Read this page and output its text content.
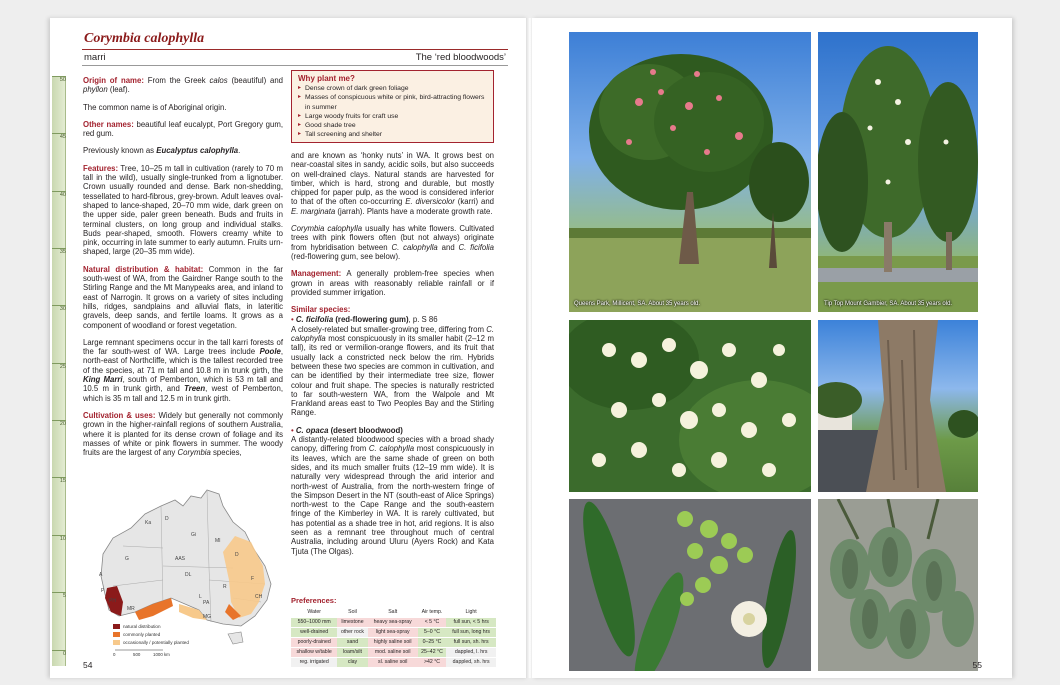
Corymbia calophylla
marri	The ‘red bloodwoods’
50
45
40
35
30
25
20
15
10
5
0

Origin of name: From the Greek calos (beautiful) and phyllon (leaf).

The common name is of Aboriginal origin.

Other names: beautiful leaf eucalypt, Port Gregory gum, red gum.

Previously known as Eucalyptus calophylla.

Features: Tree, 10–25 m tall in cultivation (rarely to 70 m tall in the wild), usually single-trunked from a lignotuber. Crown usually rounded and dense. Bark non-shedding, tessellated to hard-fibrous, grey-brown. Adult leaves oval-shaped to lance-shaped, 20–70 mm wide, dark green on the upper side, paler green beneath. Buds and fruits in terminal clusters, on long group and individual stalks. Buds pear-shaped, smooth. Flowers creamy white to pink, occurring in late summer to early autumn. Fruits urn-shaped, large (20–35 mm wide).

Natural distribution & habitat: Common in the far south-west of WA, from the Gairdner Range south to the Stirling Range and the Mt Manypeaks area, and inland to east of Narrogin. It grows on a variety of sites including hills, ridges, sandplains and alluvial flats, in lateritic gravels, deep sands, and fertile loams. It grows as a component of woodland or forest vegetation.

Large remnant specimens occur in the tall karri forests of the far south-west of WA. Large trees include Poole, north-east of Northcliffe, which is the tallest recorded tree of the species, at 71 m tall and 10.8 m in trunk girth, the King Marri, south of Pemberton, which is 53 m tall and 10.5 m in trunk girth, and Treen, west of Pemberton, which is 35 m tall and 12.5 m in trunk girth.

Cultivation & uses: Widely but generally not commonly grown in the higher-rainfall regions of southern Australia, where it is planted for its dense crown of foliage and its masses of white or pink flowers in summer. The woody fruits are the largest of any Corymbia species,

Why plant me?
▸ Dense crown of dark green foliage
▸ Masses of conspicuous white or pink, bird-attracting flowers in summer
▸ Large woody fruits for craft use
▸ Good shade tree
▸ Tall screening and shelter

and are known as ‘honky nuts’ in WA. It grows best on near-coastal sites in sandy, acidic soils, but also succeeds on well-drained clays. Natural stands are harvested for timber, which is hard, strong and durable, but mostly chipped for paper pulp, as the wood is considered inferior to that of the often co-occurring E. diversicolor (karri) and E. marginata (jarrah). Plants have a moderate growth rate.

Corymbia calophylla usually has white flowers. Cultivated trees with pink flowers often (but not always) originate from hybridisation between C. calophylla and C. ficifolia (red-flowering gum, see below).

Management: A generally problem-free species when grown in areas with reasonably reliable rainfall or if provided summer irrigation.

Similar species:

• C. ficifolia (red-flowering gum), p. S 86

A closely-related but smaller-growing tree, differing from C. calophylla most conspicuously in its smaller habit (2–12 m tall), its red or vermilion-orange flowers, and its fruit that usually lack a constricted neck below the rim. Hybrids between these two species are common in cultivation, and can be identified by their intermediate tree size, flower colour and fruit shape. The species is naturally restricted to far south-western WA, from the Walpole and Mt Frankland areas east to Two Peoples Bay and the Stirling Range.

• C. opaca (desert bloodwood)

A distantly-related bloodwood species with a broad shady canopy, differing from C. calophylla most conspicuously in its leaves, which are the same shade of green on both sides, and its much smaller fruits (12–19 mm wide). It is naturally very widespread through the arid interior and north-west of Australia, from the north-western fringe of the Simpson Desert in the NT (south-east of Alice Springs) north-west to the Cape Range and the south-eastern fringe of the Kimberley in WA. It is rarely cultivated, but has potential as a shade tree in hot, arid regions. It is also seen as a remnant tree throughout much of central Australia, including around Uluru (Ayers Rock) and Kata Tjuta (The Olgas).

Ka
D
Gi
G
MI
A	DL
AAS
PH
MR
L
PA
P
R
MG
F
CH
D
natural distribution
commonly planted
occasionally / potentially planted
0	500	1000 km
Preferences:
Water	Soil	Salt	Air temp.	Light
550–1000 mm	limestone	heavy sea-spray	< 5 °C	full sun, < 5 hrs
well-drained	other rock	light sea-spray	5–0 °C	full sun, long hrs
poorly-drained	sand	highly saline soil	0–25 °C	full sun, sh. hrs
shallow w/table	loam/silt	mod. saline soil	25–42 °C	dappled, l. hrs
reg. irrigated	clay	sl. saline soil	>42 °C	dappled, sh. hrs
54
Queens Park, Millicent, SA. About 35 years old.	Tip Top Mount Gambier, SA. About 35 years old.
55
